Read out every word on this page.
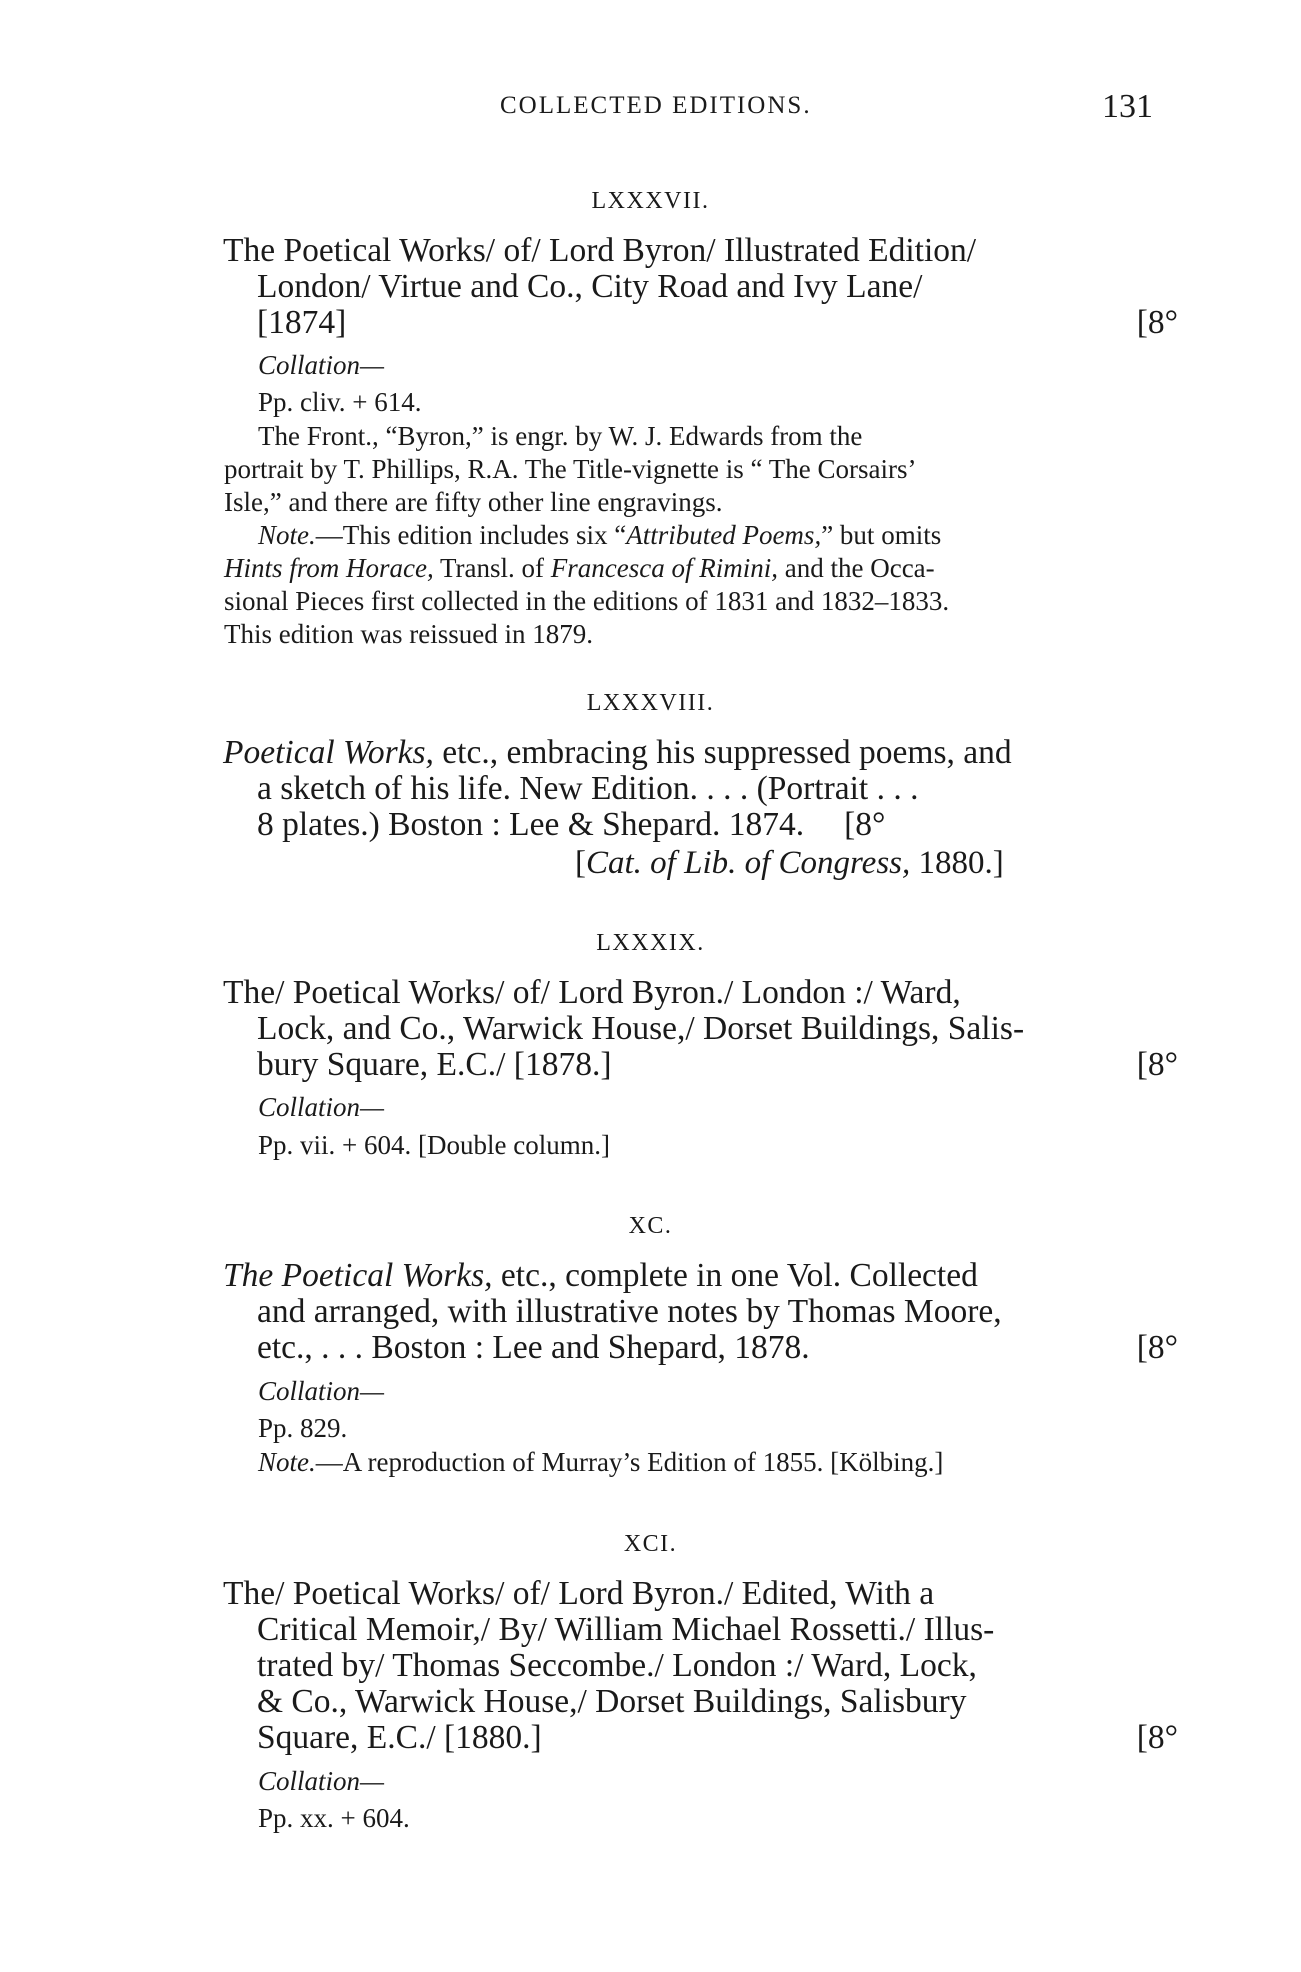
COLLECTED EDITIONS.	131
LXXXVII.
The Poetical Works/ of/ Lord Byron/ Illustrated Edition/
London/ Virtue and Co., City Road and Ivy Lane/
[1874]	[8°
Collation—
Pp. cliv. + 614.
The Front., “Byron,” is engr. by W. J. Edwards from the
portrait by T. Phillips, R.A. The Title-vignette is “ The Corsairs’
Isle,” and there are fifty other line engravings.
Note.—This edition includes six “Attributed Poems,” but omits
Hints from Horace, Transl. of Francesca of Rimini, and the Occa-
sional Pieces first collected in the editions of 1831 and 1832–1833.
This edition was reissued in 1879.
LXXXVIII.
Poetical Works, etc., embracing his suppressed poems, and
a sketch of his life. New Edition. . . . (Portrait . . .
8 plates.) Boston : Lee & Shepard. 1874. [8°
[Cat. of Lib. of Congress, 1880.]
LXXXIX.
The/ Poetical Works/ of/ Lord Byron./ London :/ Ward,
Lock, and Co., Warwick House,/ Dorset Buildings, Salis-
bury Square, E.C./ [1878.]	[8°
Collation—
Pp. vii. + 604. [Double column.]
XC.
The Poetical Works, etc., complete in one Vol. Collected
and arranged, with illustrative notes by Thomas Moore,
etc., . . . Boston : Lee and Shepard, 1878.	[8°
Collation—
Pp. 829.
Note.—A reproduction of Murray’s Edition of 1855. [Kölbing.]
XCI.
The/ Poetical Works/ of/ Lord Byron./ Edited, With a
Critical Memoir,/ By/ William Michael Rossetti./ Illus-
trated by/ Thomas Seccombe./ London :/ Ward, Lock,
& Co., Warwick House,/ Dorset Buildings, Salisbury
Square, E.C./ [1880.]	[8°
Collation—
Pp. xx. + 604.
